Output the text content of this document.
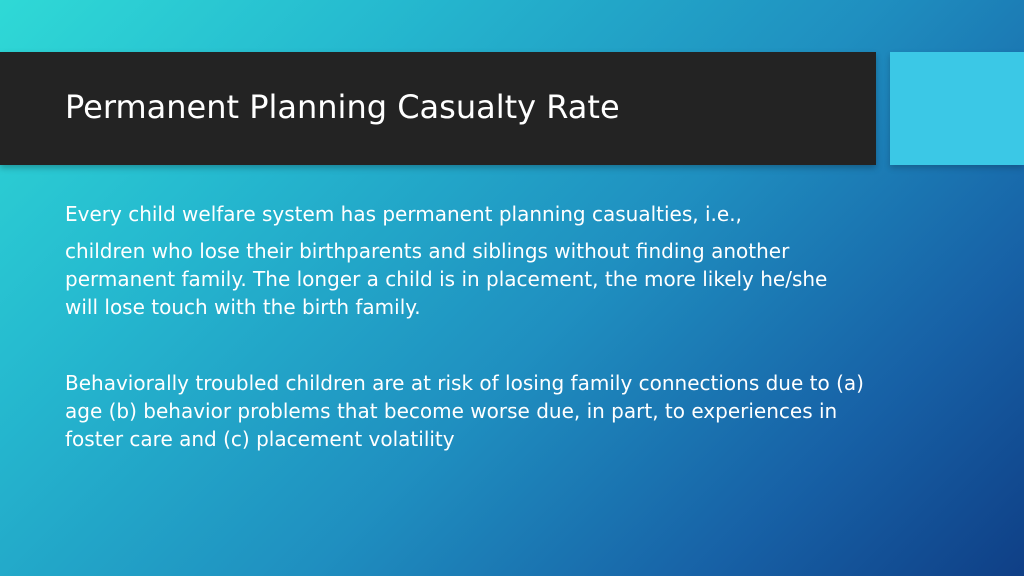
Permanent Planning Casualty Rate

Every child welfare system has permanent planning casualties, i.e.,

children who lose their birthparents and siblings without finding another permanent family. The longer a child is in placement, the more likely he/she will lose touch with the birth family.

Behaviorally troubled children are at risk of losing family connections due to (a) age (b) behavior problems that become worse due, in part, to experiences in foster care and (c) placement volatility
